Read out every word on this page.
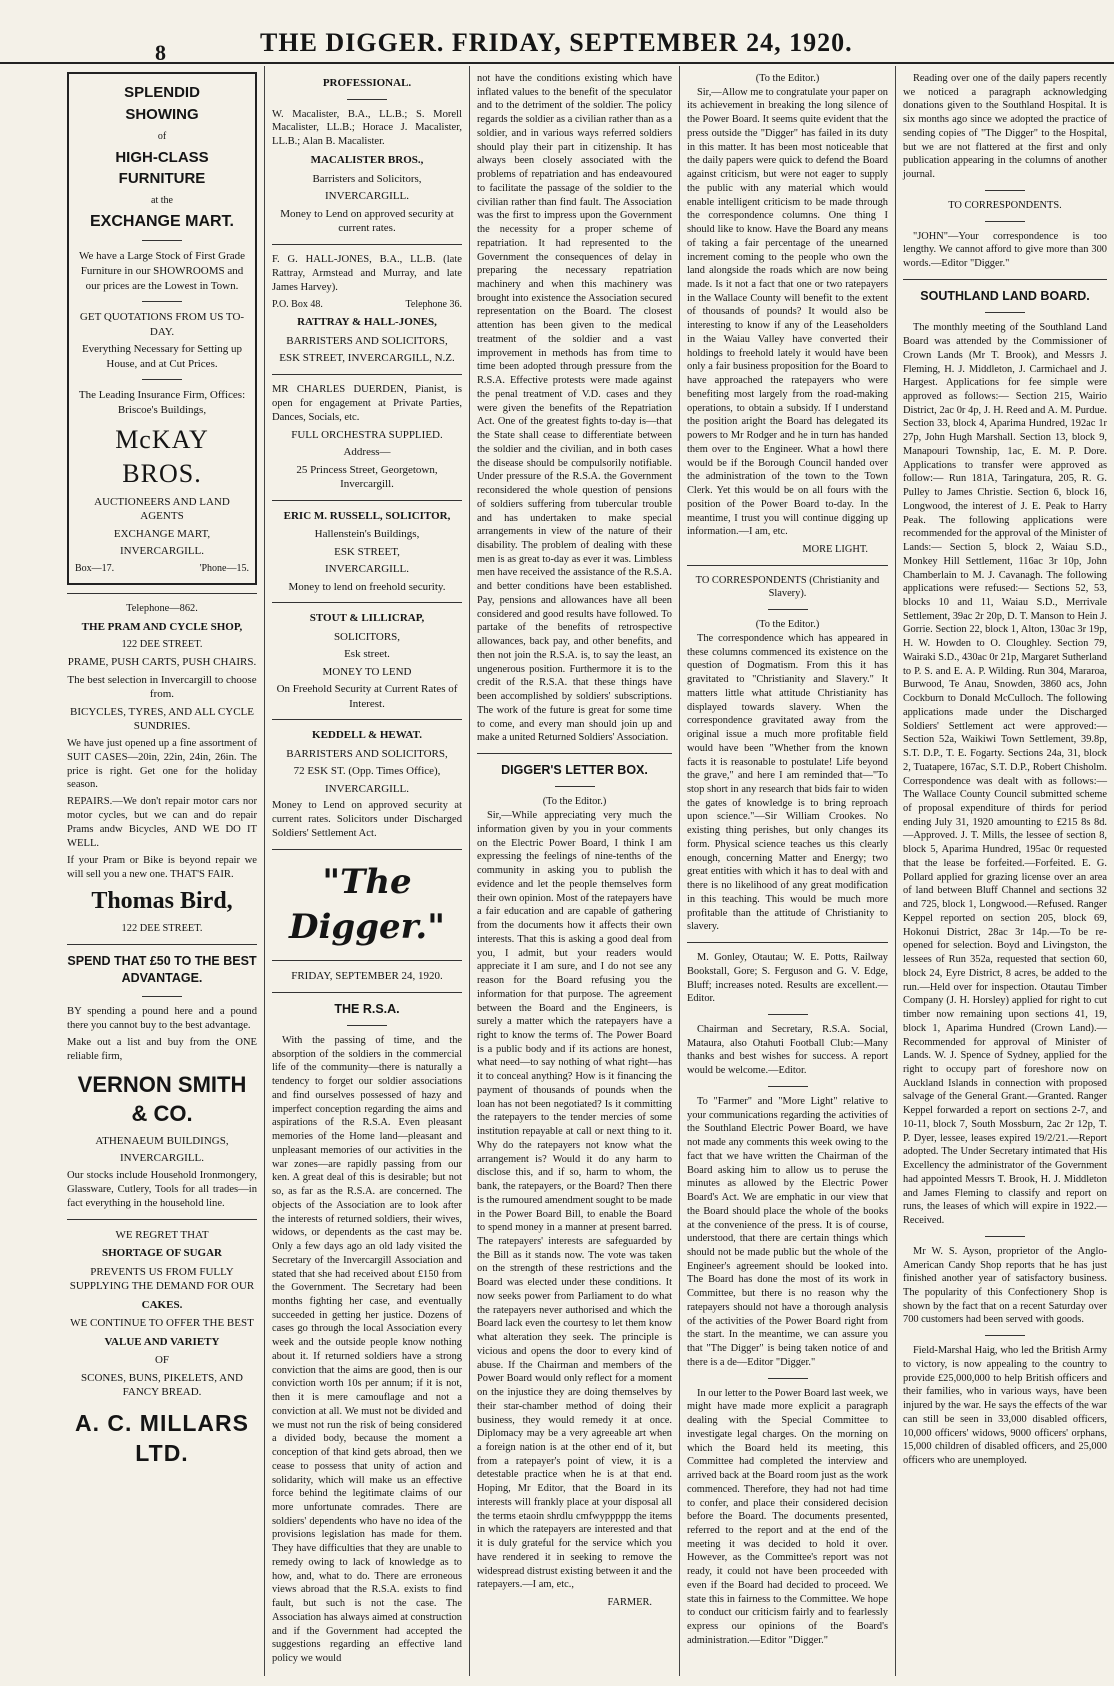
8	THE DIGGER. FRIDAY, SEPTEMBER 24, 1920.
SPLENDID
SHOWING
of
HIGH-CLASS FURNITURE
at the
EXCHANGE MART.
We have a Large Stock of First Grade Furniture in our SHOWROOMS and our prices are the Lowest in Town.
GET QUOTATIONS FROM US TO-DAY.
Everything Necessary for Setting up House, and at Cut Prices.
The Leading Insurance Firm, Offices: Briscoe's Buildings,
McKAY BROS.
AUCTIONEERS AND LAND AGENTS
EXCHANGE MART,
INVERCARGILL.
Box—17.	'Phone—15.
Telephone—862.
THE PRAM AND CYCLE SHOP,
122 DEE STREET.
PRAME, PUSH CARTS, PUSH CHAIRS.
The best selection in Invercargill to choose from.
BICYCLES, TYRES, AND ALL CYCLE SUNDRIES.
We have just opened up a fine assortment of SUIT CASES—20in, 22in, 24in, 26in. The price is right. Get one for the holiday season.
REPAIRS.—We don't repair motor cars nor motor cycles, but we can and do repair Prams andw Bicycles, AND WE DO IT WELL.
If your Pram or Bike is beyond repair we will sell you a new one. THAT'S FAIR.
Thomas Bird,
122 DEE STREET.
SPEND THAT £50 TO THE BEST ADVANTAGE.
BY spending a pound here and a pound there you cannot buy to the best advantage.
Make out a list and buy from the ONE reliable firm,
VERNON SMITH & CO.
ATHENAEUM BUILDINGS,
INVERCARGILL.
Our stocks include Household Ironmongery, Glassware, Cutlery, Tools for all trades—in fact everything in the household line.
WE REGRET THAT
SHORTAGE OF SUGAR
PREVENTS US FROM FULLY SUPPLYING THE DEMAND FOR OUR
CAKES.
WE CONTINUE TO OFFER THE BEST
VALUE AND VARIETY
OF
SCONES, BUNS, PIKELETS, AND FANCY BREAD.
A. C. MILLARS LTD.
PROFESSIONAL.
W. Macalister, B.A., LL.B.; S. Morell Macalister, LL.B.; Horace J. Macalister, LL.B.; Alan B. Macalister.
MACALISTER BROS.,
Barristers and Solicitors,
INVERCARGILL.
Money to Lend on approved security at current rates.
F. G. HALL-JONES, B.A., LL.B. (late Rattray, Armstead and Murray, and late James Harvey).
P.O. Box 48.	Telephone 36.
RATTRAY & HALL-JONES,
BARRISTERS AND SOLICITORS,
ESK STREET, INVERCARGILL, N.Z.
MR CHARLES DUERDEN, Pianist, is open for engagement at Private Parties, Dances, Socials, etc.
FULL ORCHESTRA SUPPLIED.
Address—
25 Princess Street, Georgetown, Invercargill.
ERIC M. RUSSELL, SOLICITOR,
Hallenstein's Buildings,
ESK STREET,
INVERCARGILL.
Money to lend on freehold security.
STOUT & LILLICRAP,
SOLICITORS,
Esk street.
MONEY TO LEND
On Freehold Security at Current Rates of Interest.
KEDDELL & HEWAT.
BARRISTERS AND SOLICITORS,
72 ESK ST. (Opp. Times Office),
INVERCARGILL.
Money to Lend on approved security at current rates. Solicitors under Discharged Soldiers' Settlement Act.
"The Digger."
FRIDAY, SEPTEMBER 24, 1920.
THE R.S.A.

With the passing of time, and the absorption of the soldiers in the commercial life of the community—there is naturally a tendency to forget our soldier associations and find ourselves possessed of hazy and imperfect conception regarding the aims and aspirations of the R.S.A. Even pleasant memories of the Home land—pleasant and unpleasant memories of our activities in the war zones—are rapidly passing from our ken. A great deal of this is desirable; but not so, as far as the R.S.A. are concerned. The objects of the Association are to look after the interests of returned soldiers, their wives, widows, or dependents as the cast may be. Only a few days ago an old lady visited the Secretary of the Invercargill Association and stated that she had received about £150 from the Government. The Secretary had been months fighting her case, and eventually succeeded in getting her justice. Dozens of cases go through the local Association every week and the outside people know nothing about it. If returned soldiers have a strong conviction that the aims are good, then is our conviction worth 10s per annum; if it is not, then it is mere camouflage and not a conviction at all. We must not be divided and we must not run the risk of being considered a divided body, because the moment a conception of that kind gets abroad, then we cease to possess that unity of action and solidarity, which will make us an effective force behind the legitimate claims of our more unfortunate comrades. There are soldiers' dependents who have no idea of the provisions legislation has made for them. They have difficulties that they are unable to remedy owing to lack of knowledge as to how, and, what to do. There are erroneous views abroad that the R.S.A. exists to find fault, but such is not the case. The Association has always aimed at construction and if the Government had accepted the suggestions regarding an effective land policy we would

not have the conditions existing which have inflated values to the benefit of the speculator and to the detriment of the soldier. The policy regards the soldier as a civilian rather than as a soldier, and in various ways referred soldiers should play their part in citizenship. It has always been closely associated with the problems of repatriation and has endeavoured to facilitate the passage of the soldier to the civilian rather than find fault. The Association was the first to impress upon the Government the necessity for a proper scheme of repatriation. It had represented to the Government the consequences of delay in preparing the necessary repatriation machinery and when this machinery was brought into existence the Association secured representation on the Board. The closest attention has been given to the medical treatment of the soldier and a vast improvement in methods has from time to time been adopted through pressure from the R.S.A. Effective protests were made against the penal treatment of V.D. cases and they were given the benefits of the Repatriation Act. One of the greatest fights to-day is—that the State shall cease to differentiate between the soldier and the civilian, and in both cases the disease should be compulsorily notifiable. Under pressure of the R.S.A. the Government reconsidered the whole question of pensions of soldiers suffering from tubercular trouble and has undertaken to make special arrangements in view of the nature of their disability. The problem of dealing with these men is as great to-day as ever it was. Limbless men have received the assistance of the R.S.A. and better conditions have been established. Pay, pensions and allowances have all been considered and good results have followed. To partake of the benefits of retrospective allowances, back pay, and other benefits, and then not join the R.S.A. is, to say the least, an ungenerous position. Furthermore it is to the credit of the R.S.A. that these things have been accomplished by soldiers' subscriptions. The work of the future is great for some time to come, and every man should join up and make a united Returned Soldiers' Association.

DIGGER'S LETTER BOX.
(To the Editor.)

Sir,—While appreciating very much the information given by you in your comments on the Electric Power Board, I think I am expressing the feelings of nine-tenths of the community in asking you to publish the evidence and let the people themselves form their own opinion. Most of the ratepayers have a fair education and are capable of gathering from the documents how it affects their own interests. That this is asking a good deal from you, I admit, but your readers would appreciate it I am sure, and I do not see any reason for the Board refusing you the information for that purpose. The agreement between the Board and the Engineers, is surely a matter which the ratepayers have a right to know the terms of. The Power Board is a public body and if its actions are honest, what need—to say nothing of what right—has it to conceal anything? How is it financing the payment of thousands of pounds when the loan has not been negotiated? Is it committing the ratepayers to the tender mercies of some institution repayable at call or next thing to it. Why do the ratepayers not know what the arrangement is? Would it do any harm to disclose this, and if so, harm to whom, the bank, the ratepayers, or the Board? Then there is the rumoured amendment sought to be made in the Power Board Bill, to enable the Board to spend money in a manner at present barred. The ratepayers' interests are safeguarded by the Bill as it stands now. The vote was taken on the strength of these restrictions and the Board was elected under these conditions. It now seeks power from Parliament to do what the ratepayers never authorised and which the Board lack even the courtesy to let them know what alteration they seek. The principle is vicious and opens the door to every kind of abuse. If the Chairman and members of the Power Board would only reflect for a moment on the injustice they are doing themselves by their star-chamber method of doing their business, they would remedy it at once. Diplomacy may be a very agreeable art when a foreign nation is at the other end of it, but from a ratepayer's point of view, it is a detestable practice when he is at that end. Hoping, Mr Editor, that the Board in its interests will frankly place at your disposal all the terms etaoin shrdlu cmfwyppppp the items in which the ratepayers are interested and that it is duly grateful for the service which you have rendered it in seeking to remove the widespread distrust existing between it and the ratepayers.—I am, etc.,

FARMER.
(To the Editor.)

Sir,—Allow me to congratulate your paper on its achievement in breaking the long silence of the Power Board. It seems quite evident that the press outside the "Digger" has failed in its duty in this matter. It has been most noticeable that the daily papers were quick to defend the Board against criticism, but were not eager to supply the public with any material which would enable intelligent criticism to be made through the correspondence columns. One thing I should like to know. Have the Board any means of taking a fair percentage of the unearned increment coming to the people who own the land alongside the roads which are now being made. Is it not a fact that one or two ratepayers in the Wallace County will benefit to the extent of thousands of pounds? It would also be interesting to know if any of the Leaseholders in the Waiau Valley have converted their holdings to freehold lately it would have been only a fair business proposition for the Board to have approached the ratepayers who were benefiting most largely from the road-making operations, to obtain a subsidy. If I understand the position aright the Board has delegated its powers to Mr Rodger and he in turn has handed them over to the Engineer. What a howl there would be if the Borough Council handed over the administration of the town to the Town Clerk. Yet this would be on all fours with the position of the Power Board to-day. In the meantime, I trust you will continue digging up information.—I am, etc.

MORE LIGHT.
TO CORRESPONDENTS (Christianity and Slavery).
(To the Editor.)

The correspondence which has appeared in these columns commenced its existence on the question of Dogmatism. From this it has gravitated to "Christianity and Slavery." It matters little what attitude Christianity has displayed towards slavery. When the correspondence gravitated away from the original issue a much more profitable field would have been "Whether from the known facts it is reasonable to postulate! Life beyond the grave," and here I am reminded that—"To stop short in any research that bids fair to widen the gates of knowledge is to bring reproach upon science."—Sir William Crookes. No existing thing perishes, but only changes its form. Physical science teaches us this clearly enough, concerning Matter and Energy; two great entities with which it has to deal with and there is no likelihood of any great modification in this teaching. This would be much more profitable than the attitude of Christianity to slavery.

M. Gonley, Otautau; W. E. Potts, Railway Bookstall, Gore; S. Ferguson and G. V. Edge, Bluff; increases noted. Results are excellent.—Editor.

Chairman and Secretary, R.S.A. Social, Mataura, also Otahuti Football Club:—Many thanks and best wishes for success. A report would be welcome.—Editor.

To "Farmer" and "More Light" relative to your communications regarding the activities of the Southland Electric Power Board, we have not made any comments this week owing to the fact that we have written the Chairman of the Board asking him to allow us to peruse the minutes as allowed by the Electric Power Board's Act. We are emphatic in our view that the Board should place the whole of the books at the convenience of the press. It is of course, understood, that there are certain things which should not be made public but the whole of the Engineer's agreement should be looked into. The Board has done the most of its work in Committee, but there is no reason why the ratepayers should not have a thorough analysis of the activities of the Power Board right from the start. In the meantime, we can assure you that "The Digger" is being taken notice of and there is a de—Editor "Digger."

In our letter to the Power Board last week, we might have made more explicit a paragraph dealing with the Special Committee to investigate legal charges. On the morning on which the Board held its meeting, this Committee had completed the interview and arrived back at the Board room just as the work commenced. Therefore, they had not had time to confer, and place their considered decision before the Board. The documents presented, referred to the report and at the end of the meeting it was decided to hold it over. However, as the Committee's report was not ready, it could not have been proceeded with even if the Board had decided to proceed. We state this in fairness to the Committee. We hope to conduct our criticism fairly and to fearlessly express our opinions of the Board's administration.—Editor "Digger."

Reading over one of the daily papers recently we noticed a paragraph acknowledging donations given to the Southland Hospital. It is six months ago since we adopted the practice of sending copies of "The Digger" to the Hospital, but we are not flattered at the first and only publication appearing in the columns of another journal.

TO CORRESPONDENTS.

"JOHN"—Your correspondence is too lengthy. We cannot afford to give more than 300 words.—Editor "Digger."

SOUTHLAND LAND BOARD.

The monthly meeting of the Southland Land Board was attended by the Commissioner of Crown Lands (Mr T. Brook), and Messrs J. Fleming, H. J. Middleton, J. Carmichael and J. Hargest. Applications for fee simple were approved as follows:— Section 215, Wairio District, 2ac 0r 4p, J. H. Reed and A. M. Purdue. Section 33, block 4, Aparima Hundred, 192ac 1r 27p, John Hugh Marshall. Section 13, block 9, Manapouri Township, 1ac, E. M. P. Dore. Applications to transfer were approved as follow:— Run 181A, Taringatura, 205, R. G. Pulley to James Christie. Section 6, block 16, Longwood, the interest of J. E. Peak to Harry Peak. The following applications were recommended for the approval of the Minister of Lands:— Section 5, block 2, Waiau S.D., Monkey Hill Settlement, 116ac 3r 10p, John Chamberlain to M. J. Cavanagh. The following applications were refused:— Sections 52, 53, blocks 10 and 11, Waiau S.D., Merrivale Settlement, 39ac 2r 20p, D. T. Manson to Hein J. Gorrie. Section 22, block 1, Alton, 130ac 3r 19p, H. W. Howden to O. Cloughley. Section 79, Wairaki S.D., 430ac 0r 21p, Margaret Sutherland to P. S. and E. A. P. Wilding. Run 304, Mararoa, Burwood, Te Anau, Snowden, 3860 acs, John Cockburn to Donald McCulloch. The following applications made under the Discharged Soldiers' Settlement act were approved:— Section 52a, Waikiwi Town Settlement, 39.8p, S.T. D.P., T. E. Fogarty. Sections 24a, 31, block 2, Tuatapere, 167ac, S.T. D.P., Robert Chisholm. Correspondence was dealt with as follows:— The Wallace County Council submitted scheme of proposal expenditure of thirds for period ending July 31, 1920 amounting to £215 8s 8d.—Approved. J. T. Mills, the lessee of section 8, block 5, Aparima Hundred, 195ac 0r requested that the lease be forfeited.—Forfeited. E. G. Pollard applied for grazing license over an area of land between Bluff Channel and sections 32 and 725, block 1, Longwood.—Refused. Ranger Keppel reported on section 205, block 69, Hokonui District, 28ac 3r 14p.—To be re-opened for selection. Boyd and Livingston, the lessees of Run 352a, requested that section 60, block 24, Eyre District, 8 acres, be added to the run.—Held over for inspection. Otautau Timber Company (J. H. Horsley) applied for right to cut timber now remaining upon sections 41, 19, block 1, Aparima Hundred (Crown Land).—Recommended for approval of Minister of Lands. W. J. Spence of Sydney, applied for the right to occupy part of foreshore now on Auckland Islands in connection with proposed salvage of the General Grant.—Granted. Ranger Keppel forwarded a report on sections 2-7, and 10-11, block 7, South Mossburn, 2ac 2r 12p, T. P. Dyer, lessee, leases expired 19/2/21.—Report adopted. The Under Secretary intimated that His Excellency the administrator of the Government had appointed Messrs T. Brook, H. J. Middleton and James Fleming to classify and report on runs, the leases of which will expire in 1922.—Received.

Mr W. S. Ayson, proprietor of the Anglo-American Candy Shop reports that he has just finished another year of satisfactory business. The popularity of this Confectionery Shop is shown by the fact that on a recent Saturday over 700 customers had been served with goods.

Field-Marshal Haig, who led the British Army to victory, is now appealing to the country to provide £25,000,000 to help British officers and their families, who in various ways, have been injured by the war. He says the effects of the war can still be seen in 33,000 disabled officers, 10,000 officers' widows, 9000 officers' orphans, 15,000 children of disabled officers, and 25,000 officers who are unemployed.
